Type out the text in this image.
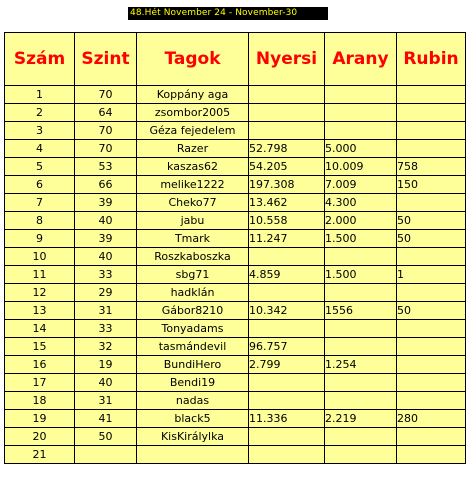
48.Hét November 24 - November-30
Szám	Szint	Tagok	Nyersi	Arany	Rubin
1	70	Koppány aga			
2	64	zsombor2005			
3	70	Géza fejedelem			
4	70	Razer	52.798	5.000	
5	53	kaszas62	54.205	10.009	758
6	66	melike1222	197.308	7.009	150
7	39	Cheko77	13.462	4.300	
8	40	jabu	10.558	2.000	50
9	39	Tmark	11.247	1.500	50
10	40	Roszkaboszka			
11	33	sbg71	4.859	1.500	1
12	29	hadklán			
13	31	Gábor8210	10.342	1556	50
14	33	Tonyadams			
15	32	tasmándevil	96.757		
16	19	BundiHero	2.799	1.254	
17	40	Bendi19			
18	31	nadas			
19	41	black5	11.336	2.219	280
20	50	KisKirálylka			
21					
